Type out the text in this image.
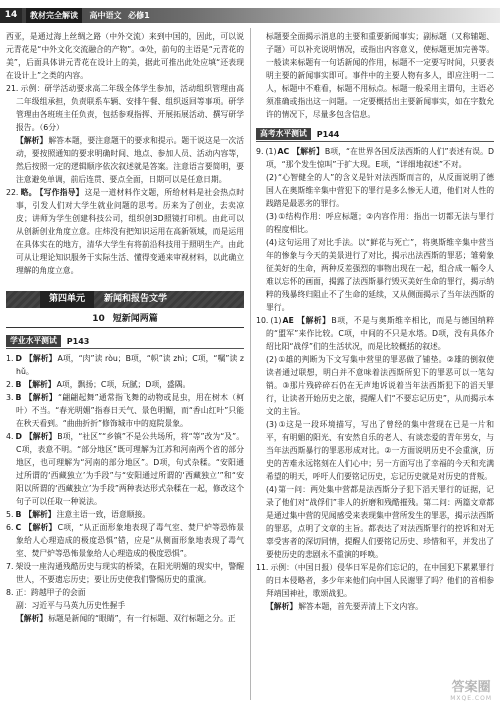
14	教材完全解读 高中语文 必修1

西亚，是通过海上丝绸之路（中外交流）来到中国的，因此，可以说元青花是“中外文化交流融合的产物”。③处，前句的主语是“元青花的美”，后面具体讲元青花在设计上的美，据此可推出此处应填“还表现在设计上”之类的内容。

21. 示例：研学活动要求高二年级全体学生参加，活动组织管理由高二年级组承担，负责联系车辆、安排午餐、组织返回等事项。研学管理由各班班主任负责，包括参观指挥、开展拓展活动、撰写研学报告。（6分）

【解析】解答本题，要注意题干的要求和提示。题干说这是一次活动，要按照通知的要求明确时间、地点、参加人员、活动内容等，然后按照一定的逻辑顺序依次叙述就是答案。注意语言要简明，要注意避免单调，前后连贯、要点全面，日期可以是任意日期。

22. 略。 【写作指导】这是一道材料作文题，所给材料是社会热点时事，引发人们对大学生就业问题的思考。历来为了创业，去卖凉皮；讲师为学生创建科技公司，组织创3D照镜打印机。由此可以从创新创业角度立意。庄炜没有把知识运用在高新领域，而是运用在具体实在的地方，清华大学生有将前沿科技用于照明生产。由此可从让理论知识服务于实际生活、懂得变通来审视材料，以此确立理解的角度立意。

第四单元	新闻和报告文学
10 短新闻两篇
学业水平测试	P143

1. D 【解析】A项，“肉”读 ròu；B项，“帜”读 zhì；C项，“嘱”读 zhǔ。

2. B 【解析】A项，飘扬；C项，玩腻；D项，盛隅。

3. B 【解析】“翩翩起舞”通常指飞舞的动物或昆虫，用在树木（柯叶）不当。“春光明媚”指春日天气、景色明媚，而“香山红叶”只能在秋天看到。“曲曲折折”修饰城市中的庭院景象。

4. D 【解析】B项，“社区”“乡镇”不是公共场所，将“等”改为“及”。C项，表意不明。“部分地区”既可理解为江苏和河南两个省的部分地区，也可理解为“河南的部分地区”。D项，句式杂糅。“安阳通过所谓的‘西藏独立’为手段”与“安阳通过所谓的‘西藏独立’”和“安阳以所谓的‘西藏独立’为手段”两种表达形式杂糅在一起，修改这个句子可以任取一种说法。

5. B 【解析】注意主语一致，语意顺接。

6. C 【解析】C项，“从正面形象地表现了毒气室、焚尸炉等恐怖景象给人心理造成的极度恐惧”错，应是“从侧面形象地表现了毒气室、焚尸炉等恐怖景象给人心理造成的极度恐惧”。

7. 架设一座沟通残酷历史与现实的桥梁，在阳光明媚的现实中，警醒世人，不要遗忘历史；要让历史使我们警惕历史的重演。

8. 正：跨越甲子的会面

副：习近平与马英九历史性握手

【解析】标题是新闻的“眼睛”，有一行标题、双行标题之分。正

标题要全面揭示消息的主要和重要新闻事实；副标题（又称辅题、子题）可以补充说明情况，或指出内容意义，使标题更加完善等。一般读来标题有一句话新闻的作用，标题不一定要写时间，只要表明主要的新闻事实即可。事件中的主要人物有多人，即应注明一二人，标题中不难看，标题不用标点。标题一般采用主谓句，主语必须准确或指出这一问题。一定要概括出主要新闻事实，如在字数允许的情况下，尽量多包含信息。

高考水平测试	P144

9. (1)AC 【解析】B项，“在世界各国反法西斯的人们”表述有误。D项，“那个发生惊叫”于扩大现。E项，“详细地叙述”不对。

(2)“心智健全的人”的含义是针对法西斯而言的，从反面说明了德国人在奥斯维辛集中营犯下的罪行是多么惨无人道，他们对人性的践踏是最恶劣的罪行。

(3)①结构作用：呼应标题；②内容作用：指出一切都无法与罪行的程度相比。

(4)这句运用了对比手法。以“鲜花与死亡”，将奥斯维辛集中营当年的惨象与今天的美景进行了对比，揭示出法西斯的罪恶；雏菊象征美好的生命，两种反差强烈的事物出现在一起，组合成一幅令人难以忘怀的画面，揭露了法西斯暴行毁灭美好生命的罪行，揭示纳粹的残暴终归阻止不了生命的延续，又从侧面揭示了当年法西斯的罪行。

10. (1)AE 【解析】B项，不是与奥斯维辛相比，而是与德国纳粹的“盟军”来作比较。C项，中间的不只是水塔。D项，没有具体介绍比阳“战俘”们的生活状况，而是比较概括的叙述。

(2)①雄的判断为下文写集中营里的罪恶做了铺垫。②雄的倒叙使读者通过联想，明白并不意味着法西斯所犯下的罪恶可以一笔勾销。③那片残碎碎石仍在无声地诉说着当年法西斯犯下的滔天罪行，让读者开始历史之旅，提醒人们“不要忘记历史”，从而揭示本文的主旨。

(3)①这是一段环境描写，写出了曾经的集中营现在已是一片和平，有明媚的阳光、有安然自乐的老人、有谈恋爱的青年男女，与当年法西斯暴行的罪恶形成对比。②一方面说明历史不会重演，历史的苦难永远铭刻在人们心中；另一方面写出了幸福的今天和充满希望的明天，呼吁人们要铭记历史，忘记历史就是对历史的背叛。

(4)第一问：两处集中营都是法西斯分子犯下滔天罪行的证据，记录了他们对“战俘们”非人的折磨和残酷摧残。第二问：两篇文章都是通过集中营的见闻感受来表现集中营所发生的罪恶，揭示法西斯的罪恶，点明了文章的主旨。都表达了对法西斯罪行的控诉和对无辜受害者的深切同情，提醒人们要铭记历史、珍惜和平，并发出了要使历史的悲剧永不重演的呼唤。

11. 示例：（中国日报）侵华日军是你们忘记的，在中国犯下累累罪行的日本侵略者，多少年来他们向中国人民谢罪了吗？他们的首相参拜靖国神社，歌颂战犯。

【解析】解答本题，首先要弄清上下文内容。

答案圈
MXQE.COM
